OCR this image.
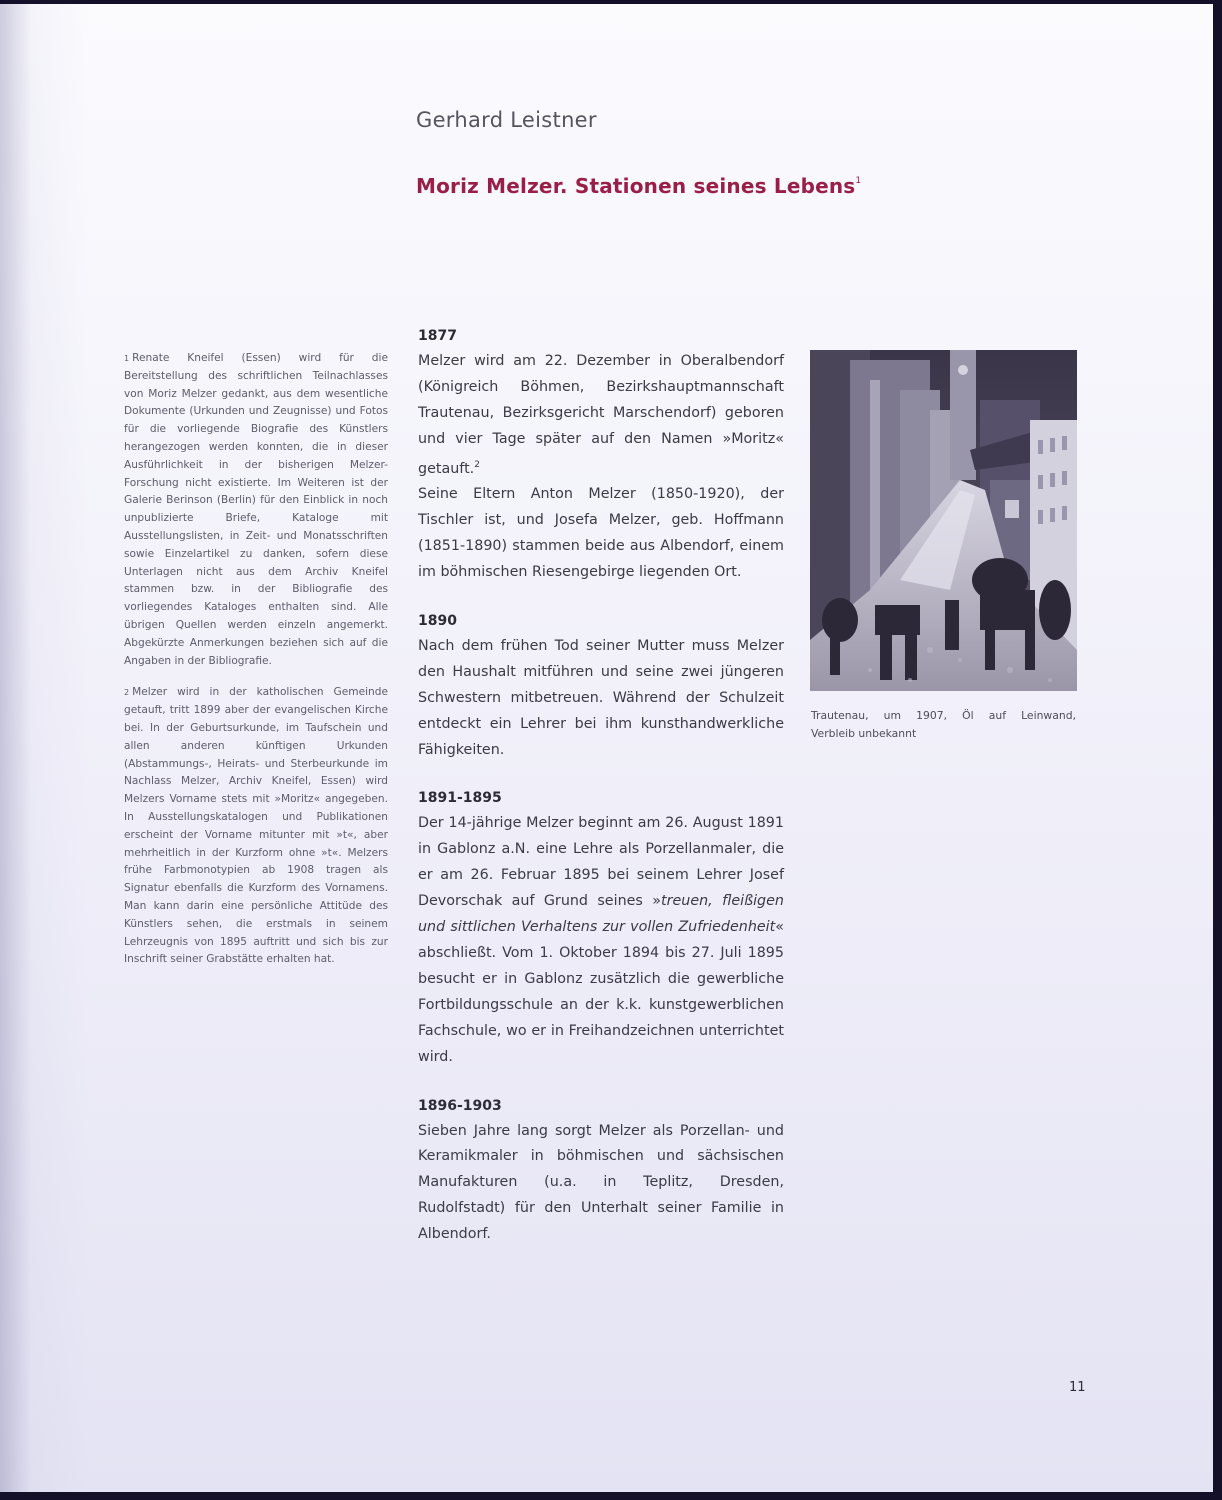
Gerhard Leistner
Moriz Melzer. Stationen seines Lebens$^1$

$^1$ Renate Kneifel (Essen) wird für die Bereitstellung des schriftlichen Teilnachlasses von Moriz Melzer gedankt, aus dem wesentliche Dokumente (Urkunden und Zeugnisse) und Fotos für die vorliegende Biografie des Künstlers herangezogen werden konnten, die in dieser Ausführlichkeit in der bisherigen Melzer-Forschung nicht existierte. Im Weiteren ist der Galerie Berinson (Berlin) für den Einblick in noch unpublizierte Briefe, Kataloge mit Ausstellungslisten, in Zeit- und Monatsschriften sowie Einzelartikel zu danken, sofern diese Unterlagen nicht aus dem Archiv Kneifel stammen bzw. in der Bibliografie des vorliegendes Kataloges enthalten sind. Alle übrigen Quellen werden einzeln angemerkt. Abgekürzte Anmerkungen beziehen sich auf die Angaben in der Bibliografie.

$^2$ Melzer wird in der katholischen Gemeinde getauft, tritt 1899 aber der evangelischen Kirche bei. In der Geburtsurkunde, im Taufschein und allen anderen künftigen Urkunden (Abstammungs-, Heirats- und Sterbeurkunde im Nachlass Melzer, Archiv Kneifel, Essen) wird Melzers Vorname stets mit »Moritz« angegeben. In Ausstellungskatalogen und Publikationen erscheint der Vorname mitunter mit »t«, aber mehrheitlich in der Kurzform ohne »t«. Melzers frühe Farbmonotypien ab 1908 tragen als Signatur ebenfalls die Kurzform des Vornamens. Man kann darin eine persönliche Attitüde des Künstlers sehen, die erstmals in seinem Lehrzeugnis von 1895 auftritt und sich bis zur Inschrift seiner Grabstätte erhalten hat.

1877

Melzer wird am 22. Dezember in Oberalbendorf (Königreich Böhmen, Bezirkshauptmannschaft Trautenau, Bezirksgericht Marschendorf) geboren und vier Tage später auf den Namen »Moritz« getauft.$^2$

Seine Eltern Anton Melzer (1850-1920), der Tischler ist, und Josefa Melzer, geb. Hoffmann (1851-1890) stammen beide aus Albendorf, einem im böhmischen Riesengebirge liegenden Ort.

1890

Nach dem frühen Tod seiner Mutter muss Melzer den Haushalt mitführen und seine zwei jüngeren Schwestern mitbetreuen. Während der Schulzeit entdeckt ein Lehrer bei ihm kunsthandwerkliche Fähigkeiten.

1891-1895

Der 14-jährige Melzer beginnt am 26. August 1891 in Gablonz a.N. eine Lehre als Porzellanmaler, die er am 26. Februar 1895 bei seinem Lehrer Josef Devorschak auf Grund seines »treuen, fleißigen und sittlichen Verhaltens zur vollen Zufriedenheit« abschließt. Vom 1. Oktober 1894 bis 27. Juli 1895 besucht er in Gablonz zusätzlich die gewerbliche Fortbildungsschule an der k.k. kunstgewerblichen Fachschule, wo er in Freihandzeichnen unterrichtet wird.

1896-1903

Sieben Jahre lang sorgt Melzer als Porzellan- und Keramikmaler in böhmischen und sächsischen Manufakturen (u.a. in Teplitz, Dresden, Rudolfstadt) für den Unterhalt seiner Familie in Albendorf.

Trautenau, um 1907, Öl auf Leinwand,
Verbleib unbekannt
11
